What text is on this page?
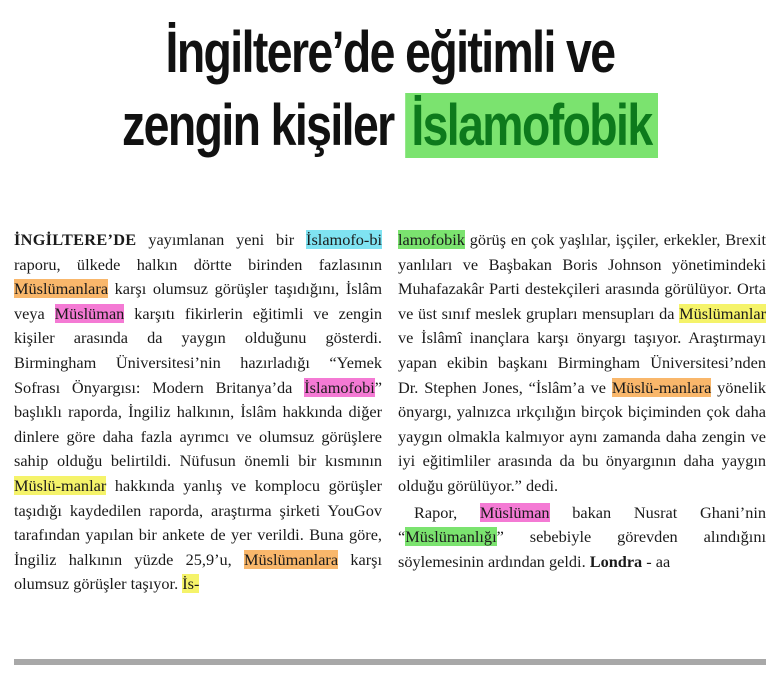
İngiltere’de eğitimli ve
zengin kişiler İslamofobik

İNGİLTERE’DE yayımlanan yeni bir İslamofo-bi raporu, ülkede halkın dörtte birinden fazlasının Müslümanlara karşı olumsuz görüşler taşıdığını, İslâm veya Müslüman karşıtı fikirlerin eğitimli ve zengin kişiler arasında da yaygın olduğunu gösterdi. Birmingham Üniversitesi’nin hazırladığı “Yemek Sofrası Önyargısı: Modern Britanya’da İslamofobi” başlıklı raporda, İngiliz halkının, İslâm hakkında diğer dinlere göre daha fazla ayrımcı ve olumsuz görüşlere sahip olduğu belirtildi. Nüfusun önemli bir kısmının Müslü-manlar hakkında yanlış ve komplocu görüşler taşıdığı kaydedilen raporda, araştırma şirketi YouGov tarafından yapılan bir ankete de yer verildi. Buna göre, İngiliz halkının yüzde 25,9’u, Müslümanlara karşı olumsuz görüşler taşıyor. İs-

lamofobik görüş en çok yaşlılar, işçiler, erkekler, Brexit yanlıları ve Başbakan Boris Johnson yönetimindeki Muhafazakâr Parti destekçileri arasında görülüyor. Orta ve üst sınıf meslek grupları mensupları da Müslümanlar ve İslâmî inançlara karşı önyargı taşıyor. Araştırmayı yapan ekibin başkanı Birmingham Üniversitesi’nden Dr. Stephen Jones, “İslâm’a ve Müslü-manlara yönelik önyargı, yalnızca ırkçılığın birçok biçiminden çok daha yaygın olmakla kalmıyor aynı zamanda daha zengin ve iyi eğitimliler arasında da bu önyargının daha yaygın olduğu görülüyor.” dedi.

Rapor, Müslüman bakan Nusrat Ghani’nin “Müslümanlığı” sebebiyle görevden alındığını söylemesinin ardından geldi. Londra - aa
